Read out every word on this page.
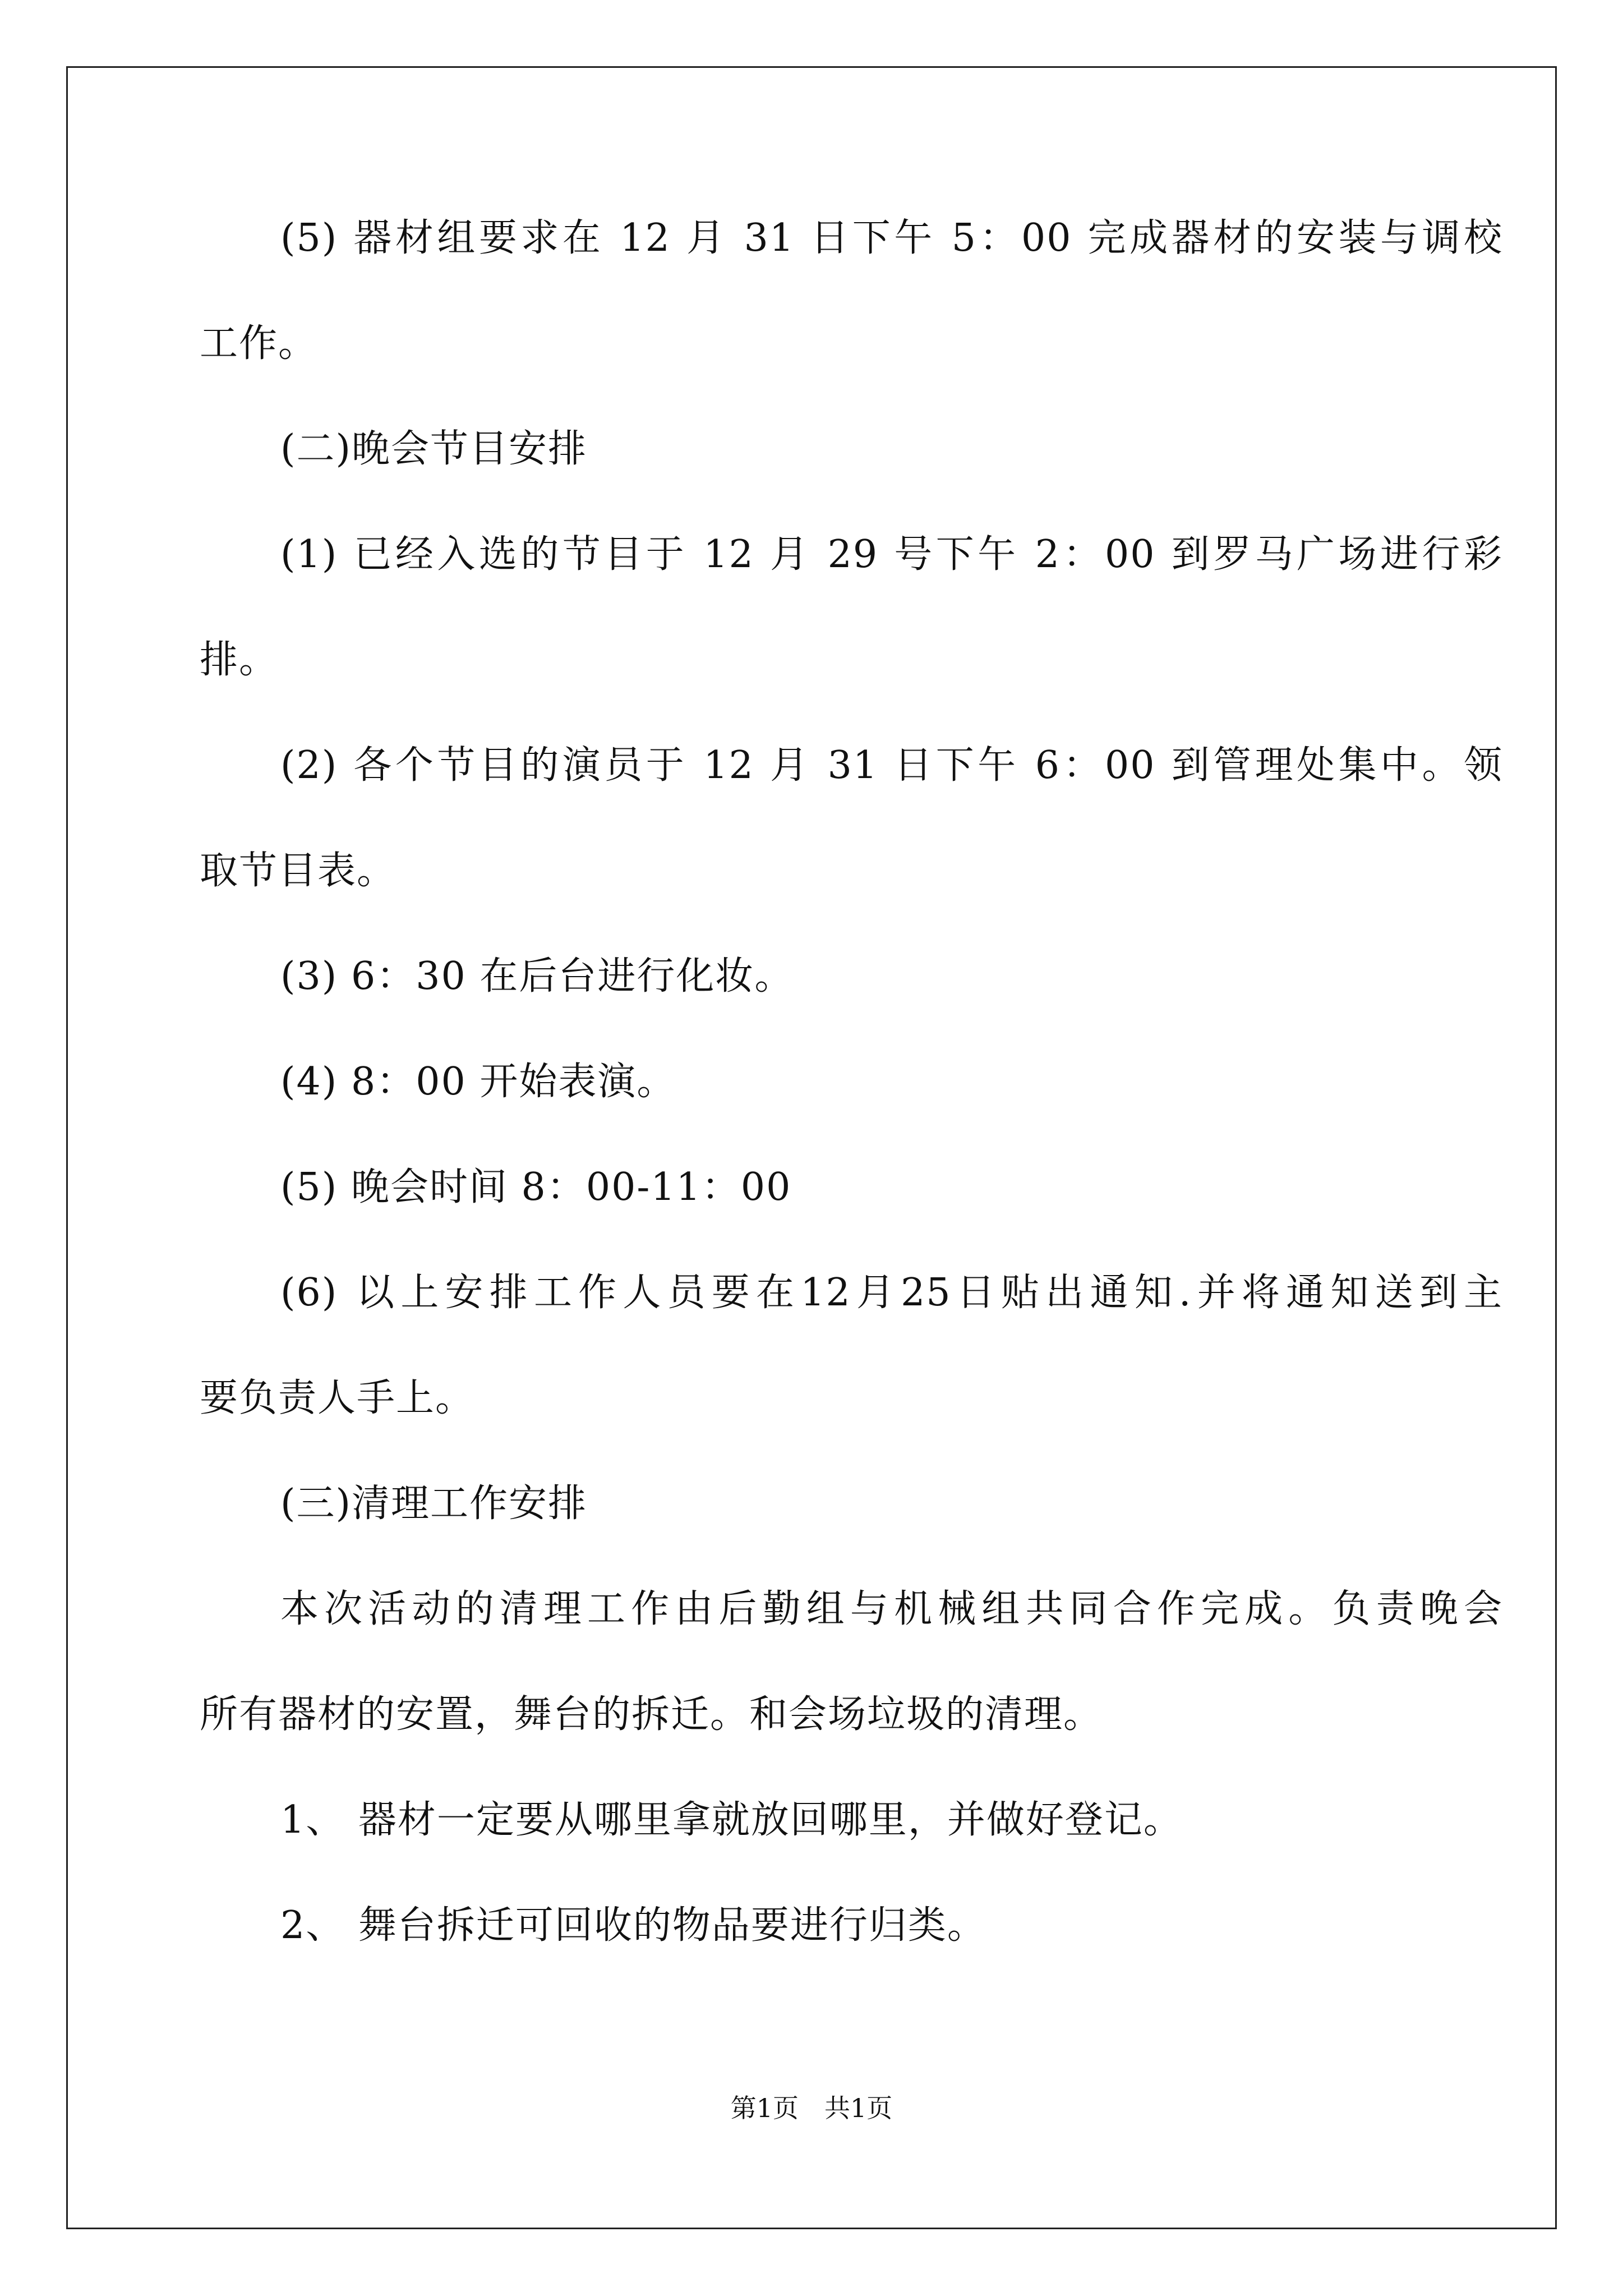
(5) 器材组要求在 12 月 31 日下午 5：00 完成器材的安装与调校
工作。
(二)晚会节目安排
(1) 已经入选的节目于 12 月 29 号下午 2：00 到罗马广场进行彩
排。
(2) 各个节目的演员于 12 月 31 日下午 6：00 到管理处集中。领
取节目表。
(3) 6：30 在后台进行化妆。
(4) 8：00 开始表演。
(5) 晚会时间 8：00-11：00
(6) 以上安排工作人员要在12月25日贴出通知.并将通知送到主
要负责人手上。
(三)清理工作安排
本次活动的清理工作由后勤组与机械组共同合作完成。负责晚会
所有器材的安置，舞台的拆迁。和会场垃圾的清理。
1、 器材一定要从哪里拿就放回哪里，并做好登记。
2、 舞台拆迁可回收的物品要进行归类。
第1页　共1页
